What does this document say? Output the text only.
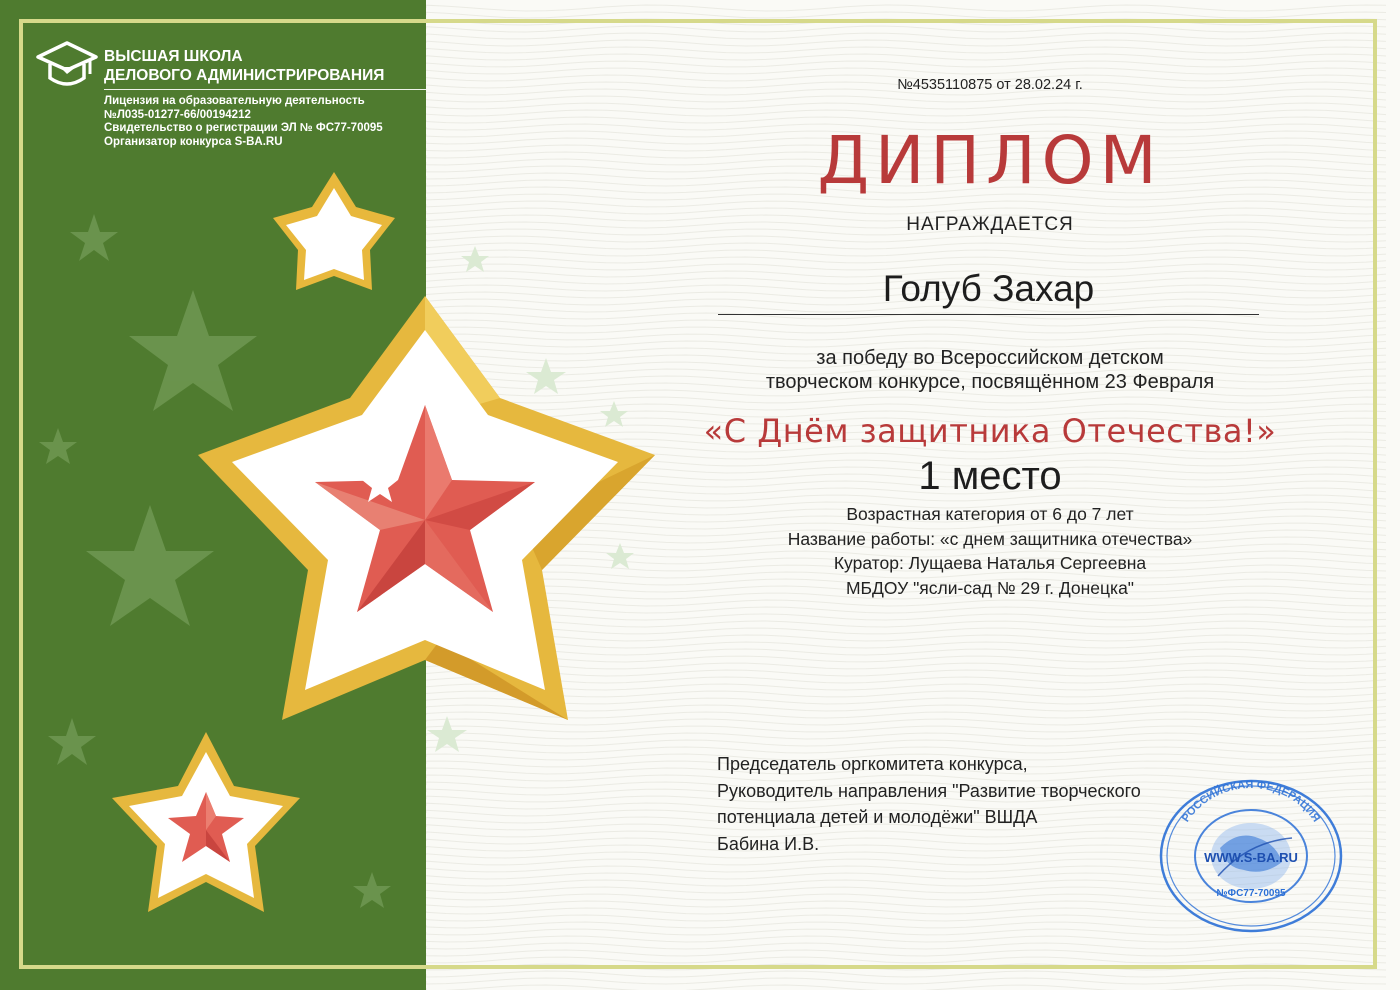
ВЫСШАЯ ШКОЛА
ДЕЛОВОГО АДМИНИСТРИРОВАНИЯ
Лицензия на образовательную деятельность
№Л035-01277-66/00194212
Свидетельство о регистрации ЭЛ № ФС77-70095
Организатор конкурса S-BA.RU
№4535110875 от 28.02.24 г.
ДИПЛОМ
НАГРАЖДАЕТСЯ
Голуб Захар
за победу во Всероссийском детском
творческом конкурсе, посвящённом 23 Февраля
«С Днём защитника Отечества!»
1 место
Возрастная категория от 6 до 7 лет
Название работы: «с днем защитника отечества»
Куратор: Лущаева Наталья Сергеевна
МБДОУ "ясли-сад № 29 г. Донецка"
Председатель оргкомитета конкурса,
Руководитель направления "Развитие творческого
потенциала детей и молодёжи" ВШДА
Бабина И.В.
РОССИЙСКАЯ ФЕДЕРАЦИЯ
WWW.S-BA.RU
№ФС77-70095
